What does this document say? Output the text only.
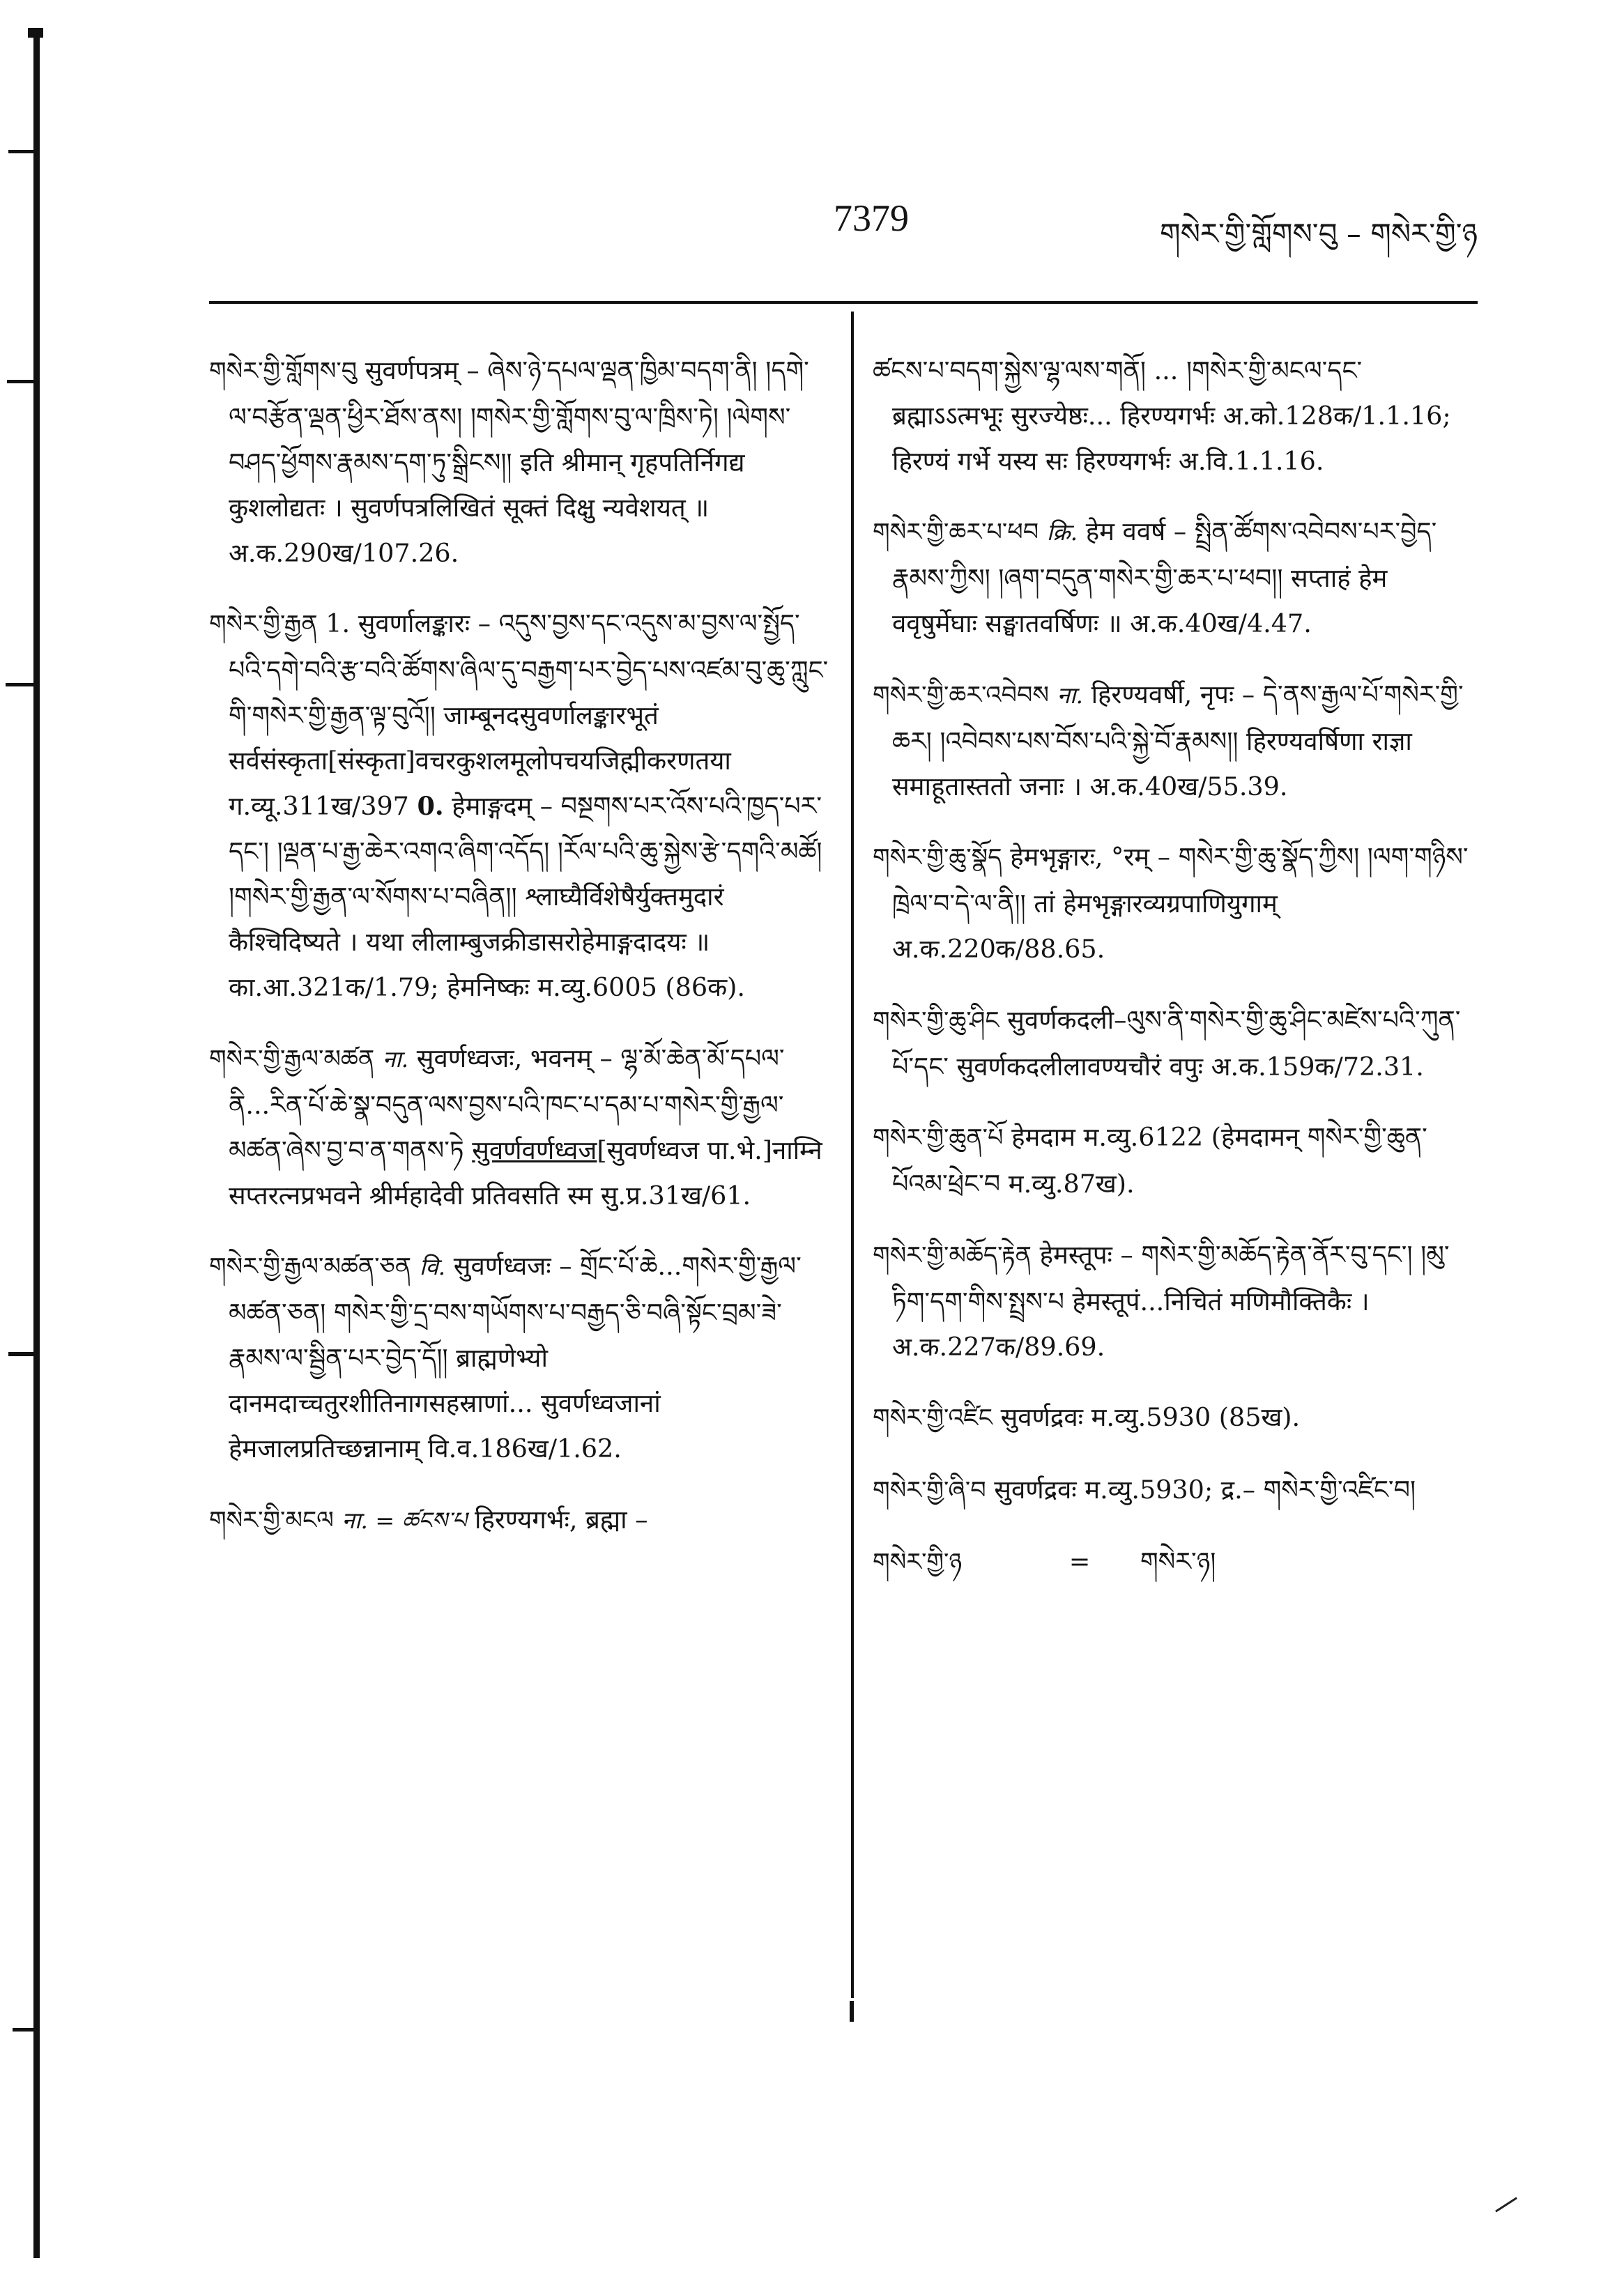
7379	གསེར་གྱི་གློགས་བུ – གསེར་གྱི་ཉ

གསེར་གྱི་གློགས་བུ सुवर्णपत्रम् – ཞེས་ཉེ་དཔལ་ལྡན་ཁྱིམ་བདག་ནི། །དགེ་ལ་བརྩོན་ལྡན་ཕྱིར་ཐོས་ནས། །གསེར་གྱི་གློགས་བུ་ལ་ཁྲིས་ཏེ། །ལེགས་བཤད་ཕྱོགས་རྣམས་དག་ཏུ་སྒྲིངས།། इति श्रीमान् गृहपतिर्निगद्य कुशलोद्यतः । सुवर्णपत्रलिखितं सूक्तं दिक्षु न्यवेशयत् ॥ अ.क.290ख/107.26.

གསེར་གྱི་རྒྱན 1. सुवर्णालङ्कारः – འདུས་བྱས་དང་འདུས་མ་བྱས་ལ་སྤྱོད་པའི་དགེ་བའི་རྩ་བའི་ཚོགས་ཞིལ་དུ་བརྒྱག་པར་བྱེད་པས་འཛམ་བུ་ཆུ་ཀླུང་གི་གསེར་གྱི་རྒྱན་ལྟ་བུའོ།། जाम्बूनदसुवर्णालङ्कारभूतं सर्वसंस्कृता[संस्कृता]वचरकुशलमूलोपचयजिह्मीकरणतया ग.व्यू.311ख/397 0. हेमाङ्गदम् – བསྔགས་པར་འོས་པའི་ཁྱད་པར་དང་། །ལྡན་པ་རྒྱ་ཆེར་འགའ་ཞིག་འདོད། །རོལ་པའི་ཆུ་སྐྱེས་རྩེ་དགའི་མཚོ། །གསེར་གྱི་རྒྱན་ལ་སོགས་པ་བཞིན།། श्लाघ्यैर्विशेषैर्युक्तमुदारं कैश्चिदिष्यते । यथा लीलाम्बुजक्रीडासरोहेमाङ्गदादयः ॥ का.आ.321क/1.79; हेमनिष्कः म.व्यु.6005 (86क).

གསེར་གྱི་རྒྱལ་མཚན ना. सुवर्णध्वजः, भवनम् – ལྷ་མོ་ཆེན་མོ་དཔལ་ནི...རིན་པོ་ཆེ་སྣ་བདུན་ལས་བྱས་པའི་ཁང་པ་དམ་པ་གསེར་གྱི་རྒྱལ་མཚན་ཞེས་བྱ་བ་ན་གནས་ཏེ सुवर्णवर्णध्वज[सुवर्णध्वज पा.भे.]नाम्नि सप्तरत्नप्रभवने श्रीर्महादेवी प्रतिवसति स्म सु.प्र.31ख/61.

གསེར་གྱི་རྒྱལ་མཚན་ཅན वि. सुवर्णध्वजः – གྲོང་པོ་ཆེ...གསེར་གྱི་རྒྱལ་མཚན་ཅན། གསེར་གྱི་དྲ་བས་གཡོགས་པ་བརྒྱད་ཅི་བཞི་སྟོང་བྲམ་ཟེ་རྣམས་ལ་སྦྱིན་པར་བྱེད་དོ།། ब्राह्मणेभ्यो दानमदाच्चतुरशीतिनागसहस्राणां... सुवर्णध्वजानां हेमजालप्रतिच्छन्नानाम् वि.व.186ख/1.62.

གསེར་གྱི་མངལ ना. = ཚངས་པ हिरण्यगर्भः, ब्रह्मा –

ཚངས་པ་བདག་སྐྱེས་ལྷ་ལས་གནོ། ... །གསེར་གྱི་མངལ་དང་ ब्रह्माऽऽत्मभूः सुरज्येष्ठः... हिरण्यगर्भः अ.को.128क/1.1.16; हिरण्यं गर्भे यस्य सः हिरण्यगर्भः अ.वि.1.1.16.

གསེར་གྱི་ཆར་པ་ཕབ क्रि. हेम ववर्ष – སྤྲིན་ཚོགས་འབེབས་པར་བྱེད་རྣམས་ཀྱིས། །ཞག་བདུན་གསེར་གྱི་ཆར་པ་ཕབ།། सप्ताहं हेम ववृषुर्मेघाः सङ्घातवर्षिणः ॥ अ.क.40ख/4.47.

གསེར་གྱི་ཆར་འབེབས ना. हिरण्यवर्षी, नृपः – དེ་ནས་རྒྱལ་པོ་གསེར་གྱི་ཆར། །འབེབས་པས་བོས་པའི་སྐྱེ་བོ་རྣམས།། हिरण्यवर्षिणा राज्ञा समाहूतास्ततो जनाः । अ.क.40ख/55.39.

གསེར་གྱི་ཆུ་སྣོད हेमभृङ्गारः, °रम् – གསེར་གྱི་ཆུ་སྣོད་ཀྱིས། །ལག་གཉིས་ཁྲེལ་བ་དེ་ལ་ནི།། तां हेमभृङ्गारव्यग्रपाणियुगाम् अ.क.220क/88.65.

གསེར་གྱི་ཆུ་ཤིང सुवर्णकदली–ལུས་ནི་གསེར་གྱི་ཆུ་ཤིང་མཛེས་པའི་ཀུན་པོ་དང་ सुवर्णकदलीलावण्यचौरं वपुः अ.क.159क/72.31.

གསེར་གྱི་ཆུན་པོ हेमदाम म.व्यु.6122 (हेमदामन् གསེར་གྱི་ཆུན་པོའམ་ཕྲེང་བ म.व्यु.87ख).

གསེར་གྱི་མཆོད་རྟེན हेमस्तूपः – གསེར་གྱི་མཆོད་རྟེན་ནོར་བུ་དང་། །མུ་ཏིག་དག་གིས་སྤྲས་པ हेमस्तूपं...निचितं मणिमौक्तिकैः । अ.क.227क/89.69.

གསེར་གྱི་འཛིང सुवर्णद्रवः म.व्यु.5930 (85ख).

གསེར་གྱི་ཞི་བ सुवर्णद्रवः म.व्यु.5930; द्र.– གསེར་གྱི་འཛིང་བ།

གསེར་གྱི་ཉ	= གསེར་ཉ།
